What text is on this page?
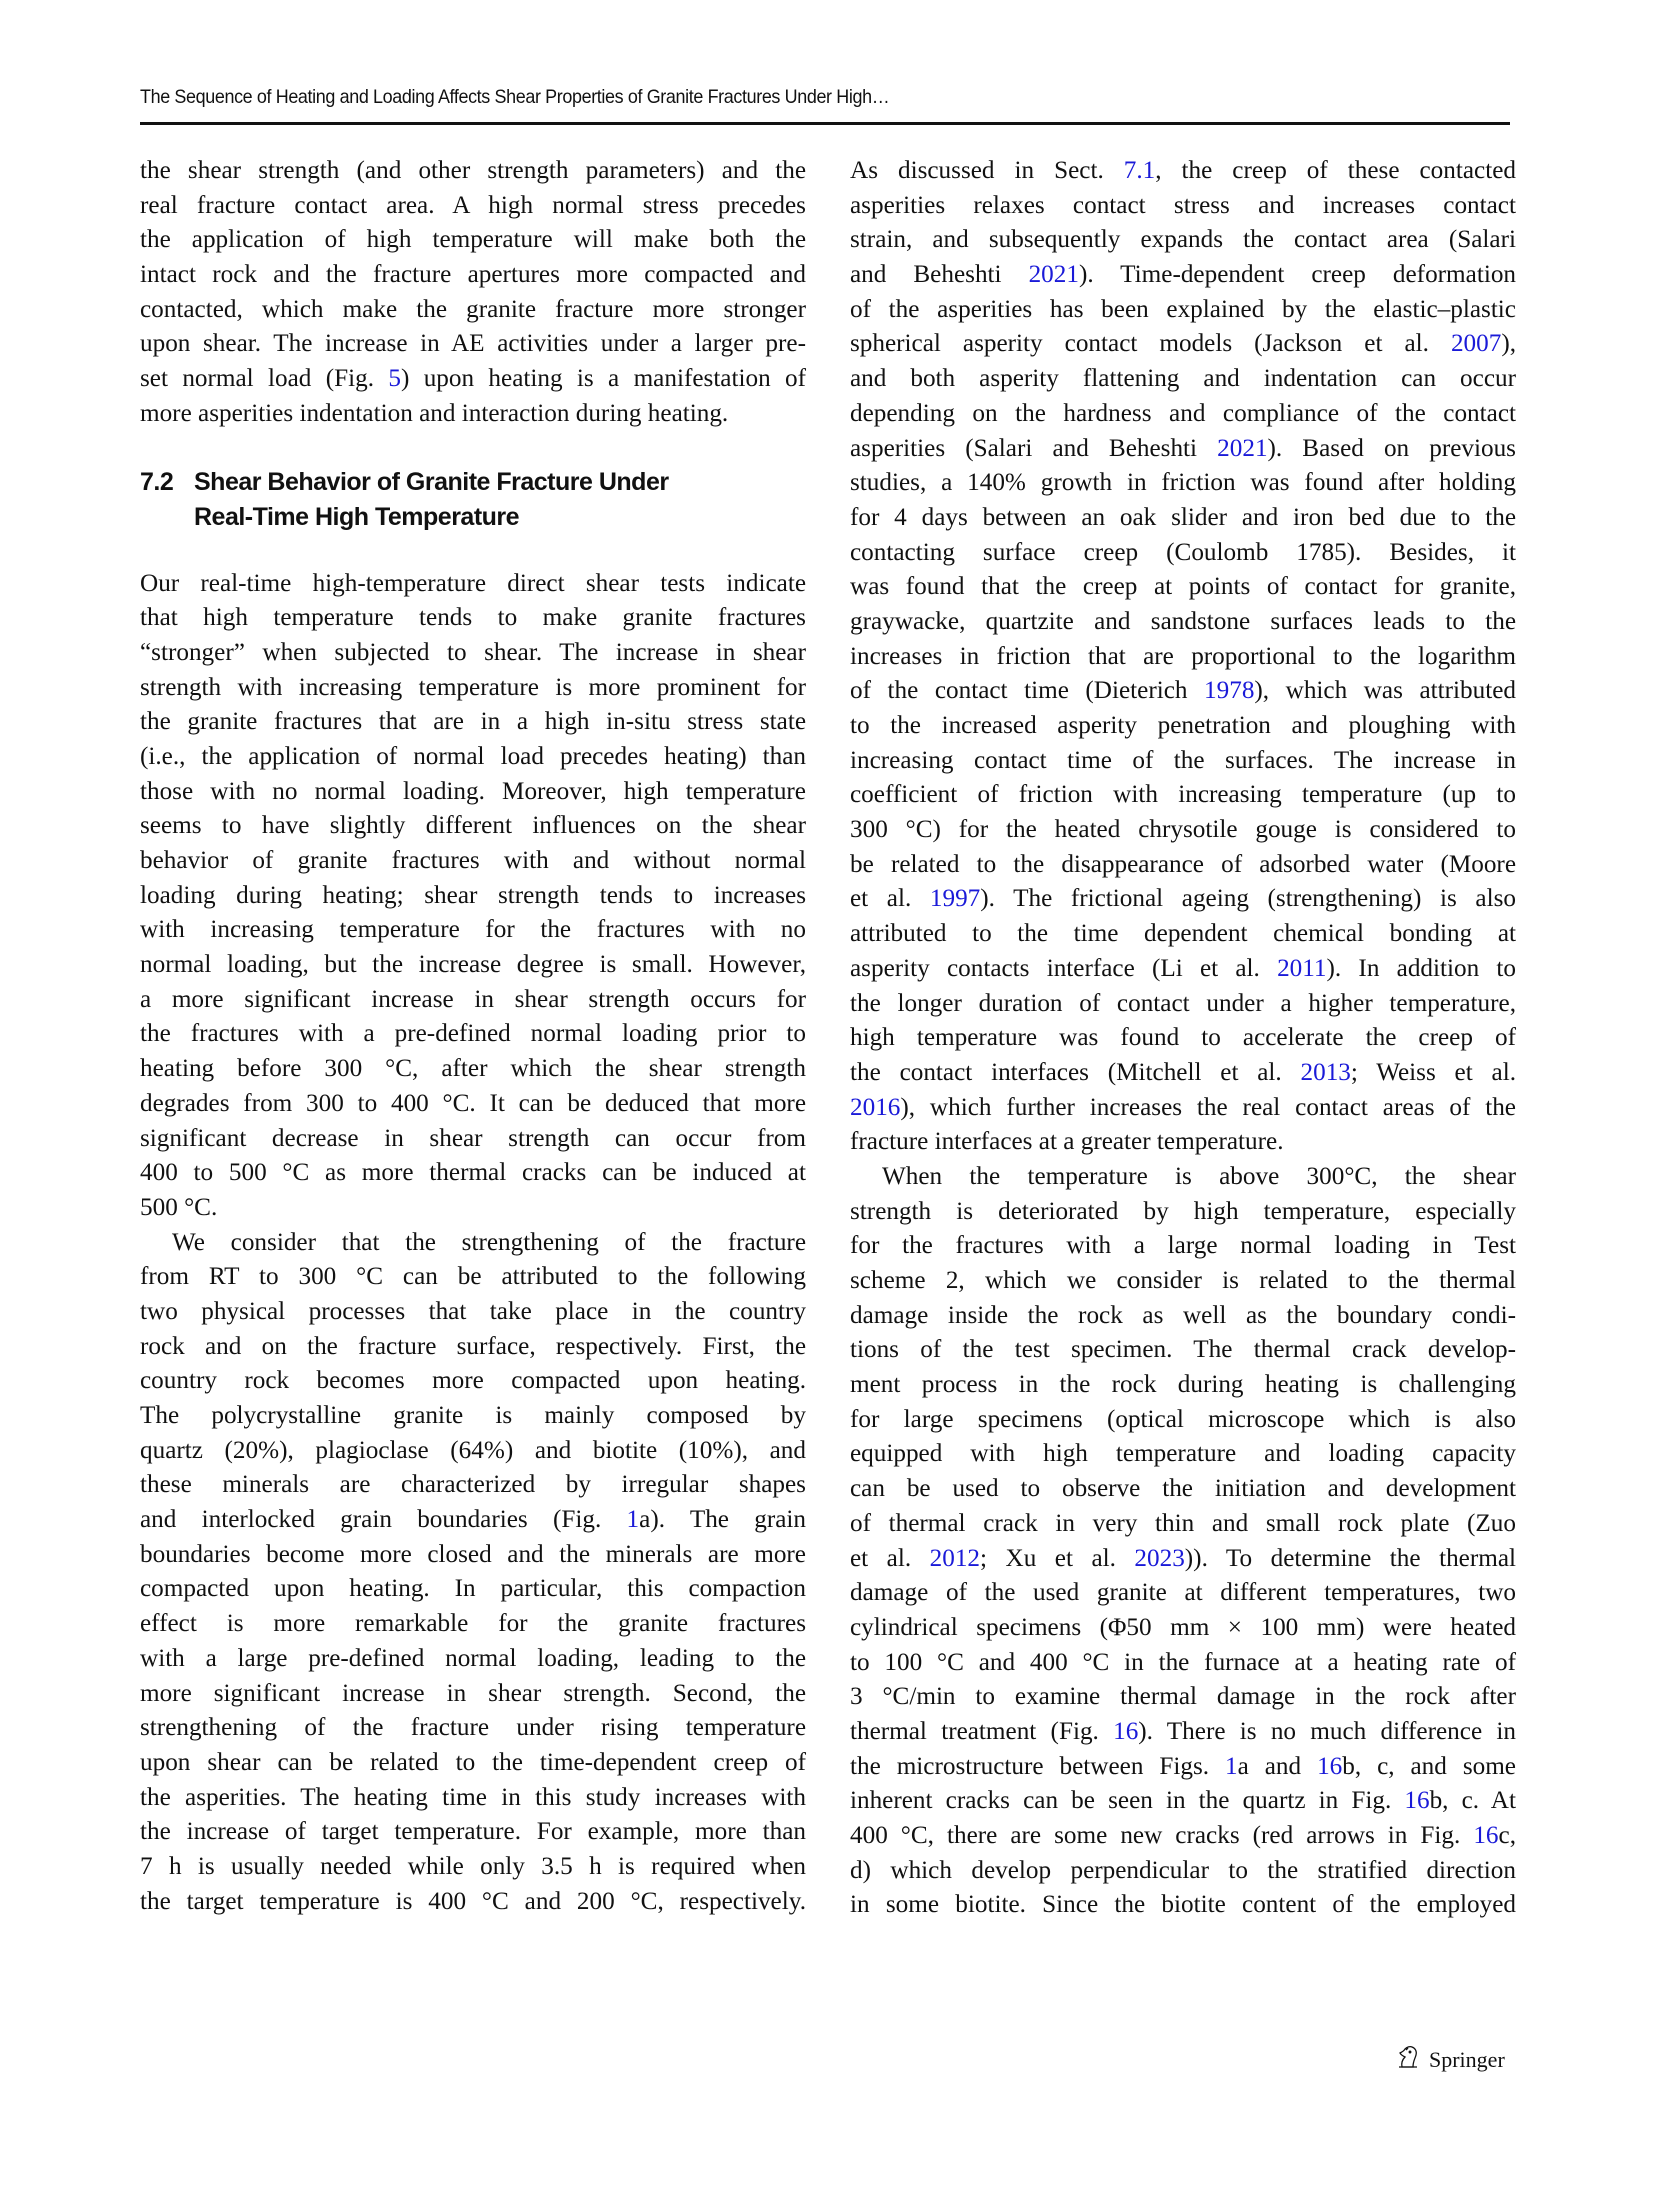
The Sequence of Heating and Loading Affects Shear Properties of Granite Fractures Under High…
the shear strength (and other strength parameters) and the
real fracture contact area. A high normal stress precedes
the application of high temperature will make both the
intact rock and the fracture apertures more compacted and
contacted, which make the granite fracture more stronger
upon shear. The increase in AE activities under a larger pre-
set normal load (Fig. 5) upon heating is a manifestation of
more asperities indentation and interaction during heating.
7.2 Shear Behavior of Granite Fracture Under
Real-Time High Temperature
Our real-time high-temperature direct shear tests indicate
that high temperature tends to make granite fractures
“stronger” when subjected to shear. The increase in shear
strength with increasing temperature is more prominent for
the granite fractures that are in a high in-situ stress state
(i.e., the application of normal load precedes heating) than
those with no normal loading. Moreover, high temperature
seems to have slightly different influences on the shear
behavior of granite fractures with and without normal
loading during heating; shear strength tends to increases
with increasing temperature for the fractures with no
normal loading, but the increase degree is small. However,
a more significant increase in shear strength occurs for
the fractures with a pre-defined normal loading prior to
heating before 300 °C, after which the shear strength
degrades from 300 to 400 °C. It can be deduced that more
significant decrease in shear strength can occur from
400 to 500 °C as more thermal cracks can be induced at
500 °C.
We consider that the strengthening of the fracture
from RT to 300 °C can be attributed to the following
two physical processes that take place in the country
rock and on the fracture surface, respectively. First, the
country rock becomes more compacted upon heating.
The polycrystalline granite is mainly composed by
quartz (20%), plagioclase (64%) and biotite (10%), and
these minerals are characterized by irregular shapes
and interlocked grain boundaries (Fig. 1a). The grain
boundaries become more closed and the minerals are more
compacted upon heating. In particular, this compaction
effect is more remarkable for the granite fractures
with a large pre-defined normal loading, leading to the
more significant increase in shear strength. Second, the
strengthening of the fracture under rising temperature
upon shear can be related to the time-dependent creep of
the asperities. The heating time in this study increases with
the increase of target temperature. For example, more than
7 h is usually needed while only 3.5 h is required when
the target temperature is 400 °C and 200 °C, respectively.
As discussed in Sect. 7.1, the creep of these contacted
asperities relaxes contact stress and increases contact
strain, and subsequently expands the contact area (Salari
and Beheshti 2021). Time-dependent creep deformation
of the asperities has been explained by the elastic–plastic
spherical asperity contact models (Jackson et al. 2007),
and both asperity flattening and indentation can occur
depending on the hardness and compliance of the contact
asperities (Salari and Beheshti 2021). Based on previous
studies, a 140% growth in friction was found after holding
for 4 days between an oak slider and iron bed due to the
contacting surface creep (Coulomb 1785). Besides, it
was found that the creep at points of contact for granite,
graywacke, quartzite and sandstone surfaces leads to the
increases in friction that are proportional to the logarithm
of the contact time (Dieterich 1978), which was attributed
to the increased asperity penetration and ploughing with
increasing contact time of the surfaces. The increase in
coefficient of friction with increasing temperature (up to
300 °C) for the heated chrysotile gouge is considered to
be related to the disappearance of adsorbed water (Moore
et al. 1997). The frictional ageing (strengthening) is also
attributed to the time dependent chemical bonding at
asperity contacts interface (Li et al. 2011). In addition to
the longer duration of contact under a higher temperature,
high temperature was found to accelerate the creep of
the contact interfaces (Mitchell et al. 2013; Weiss et al.
2016), which further increases the real contact areas of the
fracture interfaces at a greater temperature.
When the temperature is above 300°C, the shear
strength is deteriorated by high temperature, especially
for the fractures with a large normal loading in Test
scheme 2, which we consider is related to the thermal
damage inside the rock as well as the boundary condi-
tions of the test specimen. The thermal crack develop-
ment process in the rock during heating is challenging
for large specimens (optical microscope which is also
equipped with high temperature and loading capacity
can be used to observe the initiation and development
of thermal crack in very thin and small rock plate (Zuo
et al. 2012; Xu et al. 2023)). To determine the thermal
damage of the used granite at different temperatures, two
cylindrical specimens (Φ50 mm × 100 mm) were heated
to 100 °C and 400 °C in the furnace at a heating rate of
3 °C/min to examine thermal damage in the rock after
thermal treatment (Fig. 16). There is no much difference in
the microstructure between Figs. 1a and 16b, c, and some
inherent cracks can be seen in the quartz in Fig. 16b, c. At
400 °C, there are some new cracks (red arrows in Fig. 16c,
d) which develop perpendicular to the stratified direction
in some biotite. Since the biotite content of the employed
Springer
